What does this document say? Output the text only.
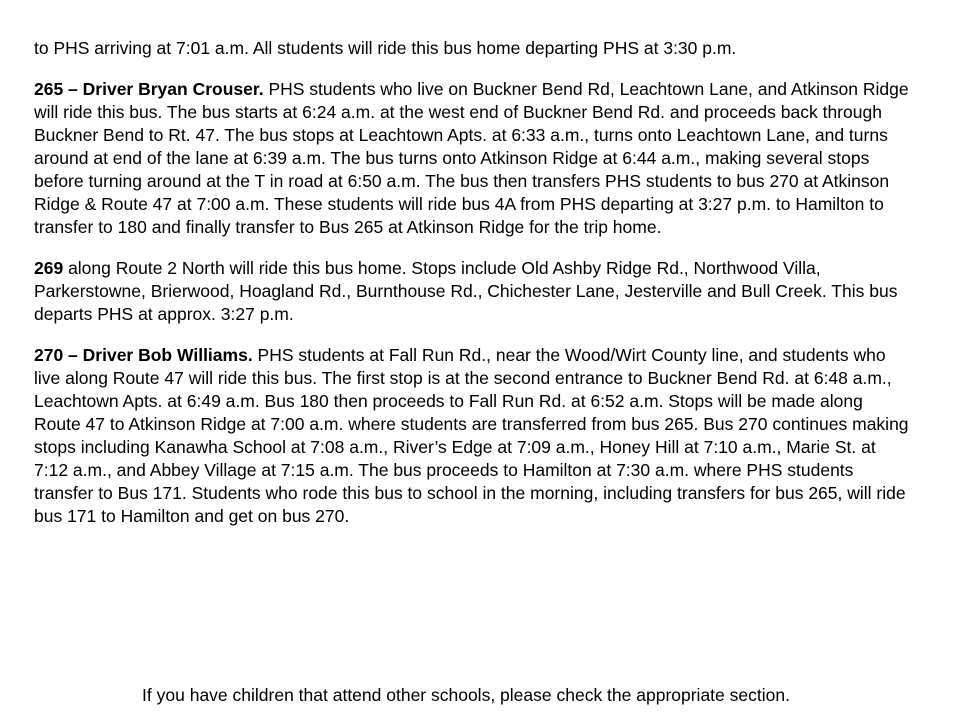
to PHS arriving at 7:01 a.m. All students will ride this bus home departing PHS at 3:30 p.m.

265 – Driver Bryan Crouser. PHS students who live on Buckner Bend Rd, Leachtown Lane, and Atkinson Ridge will ride this bus. The bus starts at 6:24 a.m. at the west end of Buckner Bend Rd. and proceeds back through Buckner Bend to Rt. 47. The bus stops at Leachtown Apts. at 6:33 a.m., turns onto Leachtown Lane, and turns around at end of the lane at 6:39 a.m. The bus turns onto Atkinson Ridge at 6:44 a.m., making several stops before turning around at the T in road at 6:50 a.m. The bus then transfers PHS students to bus 270 at Atkinson Ridge & Route 47 at 7:00 a.m. These students will ride bus 4A from PHS departing at 3:27 p.m. to Hamilton to transfer to 180 and finally transfer to Bus 265 at Atkinson Ridge for the trip home.

269 along Route 2 North will ride this bus home. Stops include Old Ashby Ridge Rd., Northwood Villa, Parkerstowne, Brierwood, Hoagland Rd., Burnthouse Rd., Chichester Lane, Jesterville and Bull Creek. This bus departs PHS at approx. 3:27 p.m.

270 – Driver Bob Williams. PHS students at Fall Run Rd., near the Wood/Wirt County line, and students who live along Route 47 will ride this bus. The first stop is at the second entrance to Buckner Bend Rd. at 6:48 a.m., Leachtown Apts. at 6:49 a.m. Bus 180 then proceeds to Fall Run Rd. at 6:52 a.m. Stops will be made along Route 47 to Atkinson Ridge at 7:00 a.m. where students are transferred from bus 265. Bus 270 continues making stops including Kanawha School at 7:08 a.m., River’s Edge at 7:09 a.m., Honey Hill at 7:10 a.m., Marie St. at 7:12 a.m., and Abbey Village at 7:15 a.m. The bus proceeds to Hamilton at 7:30 a.m. where PHS students transfer to Bus 171. Students who rode this bus to school in the morning, including transfers for bus 265, will ride bus 171 to Hamilton and get on bus 270.

If you have children that attend other schools, please check the appropriate section.
